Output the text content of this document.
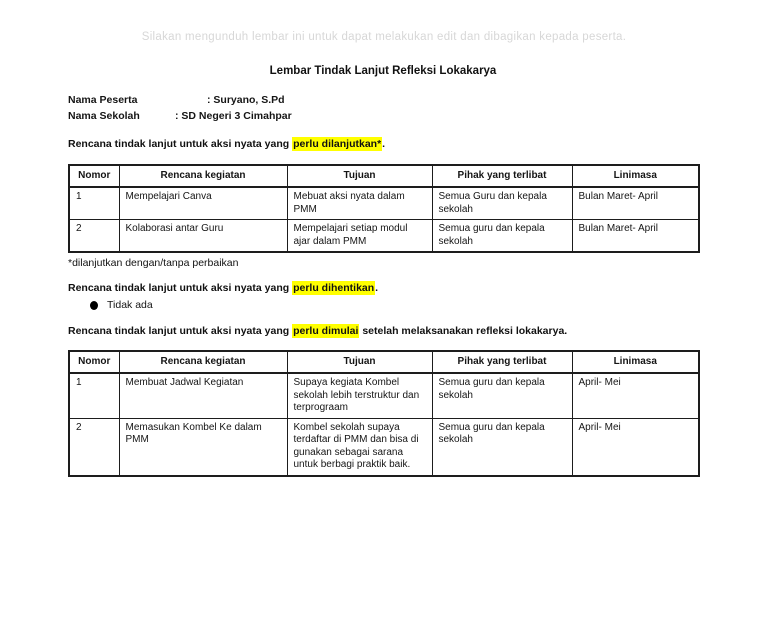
Silakan mengunduh lembar ini untuk dapat melakukan edit dan dibagikan kepada peserta.
Lembar Tindak Lanjut Refleksi Lokakarya
Nama Peserta	: Suryano, S.Pd
Nama Sekolah	: SD Negeri 3 Cimahpar
Rencana tindak lanjut untuk aksi nyata yang perlu dilanjutkan*.
Nomor	Rencana kegiatan	Tujuan	Pihak yang terlibat	Linimasa
1	Mempelajari Canva	Mebuat aksi nyata dalam PMM	Semua Guru dan kepala sekolah	Bulan Maret- April
2	Kolaborasi antar Guru	Mempelajari setiap modul ajar dalam PMM	Semua guru dan kepala sekolah	Bulan Maret- April
*dilanjutkan dengan/tanpa perbaikan
Rencana tindak lanjut untuk aksi nyata yang perlu dihentikan.
Tidak ada
Rencana tindak lanjut untuk aksi nyata yang perlu dimulai setelah melaksanakan refleksi lokakarya.
Nomor	Rencana kegiatan	Tujuan	Pihak yang terlibat	Linimasa
1	Membuat Jadwal Kegiatan	Supaya kegiata Kombel sekolah lebih terstruktur dan terprograam	Semua guru dan kepala sekolah	April- Mei
2	Memasukan Kombel Ke dalam PMM	Kombel sekolah supaya terdaftar di PMM dan bisa di gunakan sebagai sarana untuk berbagi praktik baik.	Semua guru dan kepala sekolah	April- Mei
